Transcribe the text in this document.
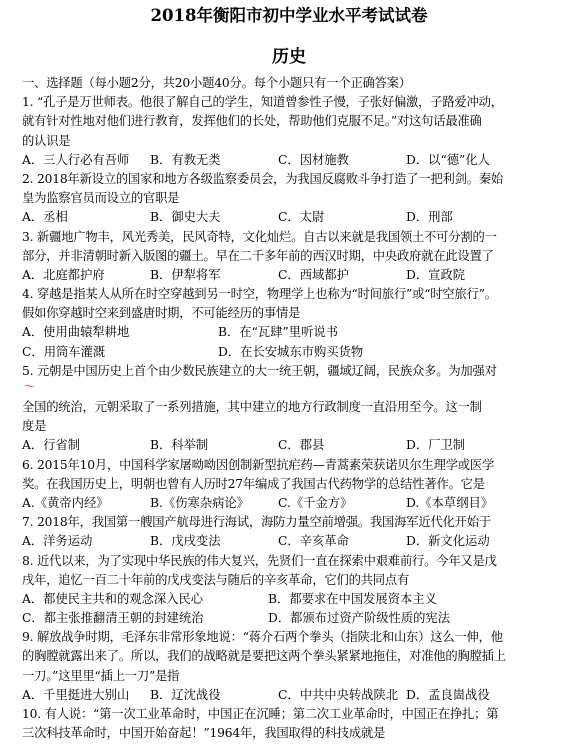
2018年衡阳市初中学业水平考试试卷
历史
一、选择题（每小题2分，共20小题40分。每个小题只有一个正确答案）
1. “孔子是万世师表。他很了解自己的学生，知道曾参性子慢，子张好偏激，子路爱冲动，
就有针对性地对他们进行教育，发挥他们的长处，帮助他们克服不足。”对这句话最准确
的认识是
A．三人行必有吾师	B．有教无类	C．因材施教	D．以“德”化人
2. 2018年新设立的国家和地方各级监察委员会，为我国反腐败斗争打造了一把利剑。秦始
皇为监察官员而设立的官职是
A．丞相	B．御史大夫	C．太尉	D．刑部
3. 新疆地广物丰，风光秀美，民风奇特，文化灿烂。自古以来就是我国领土不可分割的一
部分，并非清朝时新入版图的疆土。早在二千多年前的西汉时期，中央政府就在此设置了
A．北庭都护府	B．伊犁将军	C．西域都护	D．宣政院
4. 穿越是指某人从所在时空穿越到另一时空，物理学上也称为“时间旅行”或“时空旅行”。
假如你穿越时空来到盛唐时期，不可能经历的事情是
A．使用曲辕犁耕地	B．在“瓦肆”里听说书
C．用筒车灌溉	D．在长安城东市购买货物
5. 元朝是中国历史上首个由少数民族建立的大一统王朝，疆域辽阔，民族众多。为加强对
～
全国的统治，元朝采取了一系列措施，其中建立的地方行政制度一直沿用至今。这一制
度是
A．行省制	B．科举制	C．郡县	D．厂卫制
6. 2015年10月，中国科学家屠呦呦因创制新型抗疟药—青蒿素荣获诺贝尔生理学或医学
奖。在我国历史上，明朝也曾有人历时27年编成了我国古代药物学的总结性著作。它是
A.《黄帝内经》	B.《伤寒杂病论》	C.《千金方》	D.《本草纲目》
7. 2018年，我国第一艘国产航母进行海试，海防力量空前增强。我国海军近代化开始于
A．洋务运动	B．戊戌变法	C．辛亥革命	D．新文化运动
8. 近代以来，为了实现中华民族的伟大复兴，先贤们一直在探索中艰难前行。今年又是戊
戌年，追忆一百二十年前的戊戌变法与随后的辛亥革命，它们的共同点有
A．都使民主共和的观念深入民心	B．都要求在中国发展资本主义
C．都主张推翻清王朝的封建统治	D．都颁布过资产阶级性质的宪法
9. 解放战争时期，毛泽东非常形象地说：“蒋介石两个拳头（指陕北和山东）这么一伸，他
的胸膛就露出来了。所以，我们的战略就是要把这两个拳头紧紧地拖住，对准他的胸膛插上
一刀。”这里里“插上一刀”是指
A．千里挺进大别山	B．辽沈战役	C．中共中央转战陕北 D．孟良崮战役
10. 有人说：“第一次工业革命时，中国正在沉睡；第二次工业革命时，中国正在挣扎；第
三次科技革命时，中国开始奋起！”1964年，我国取得的科技成就是
